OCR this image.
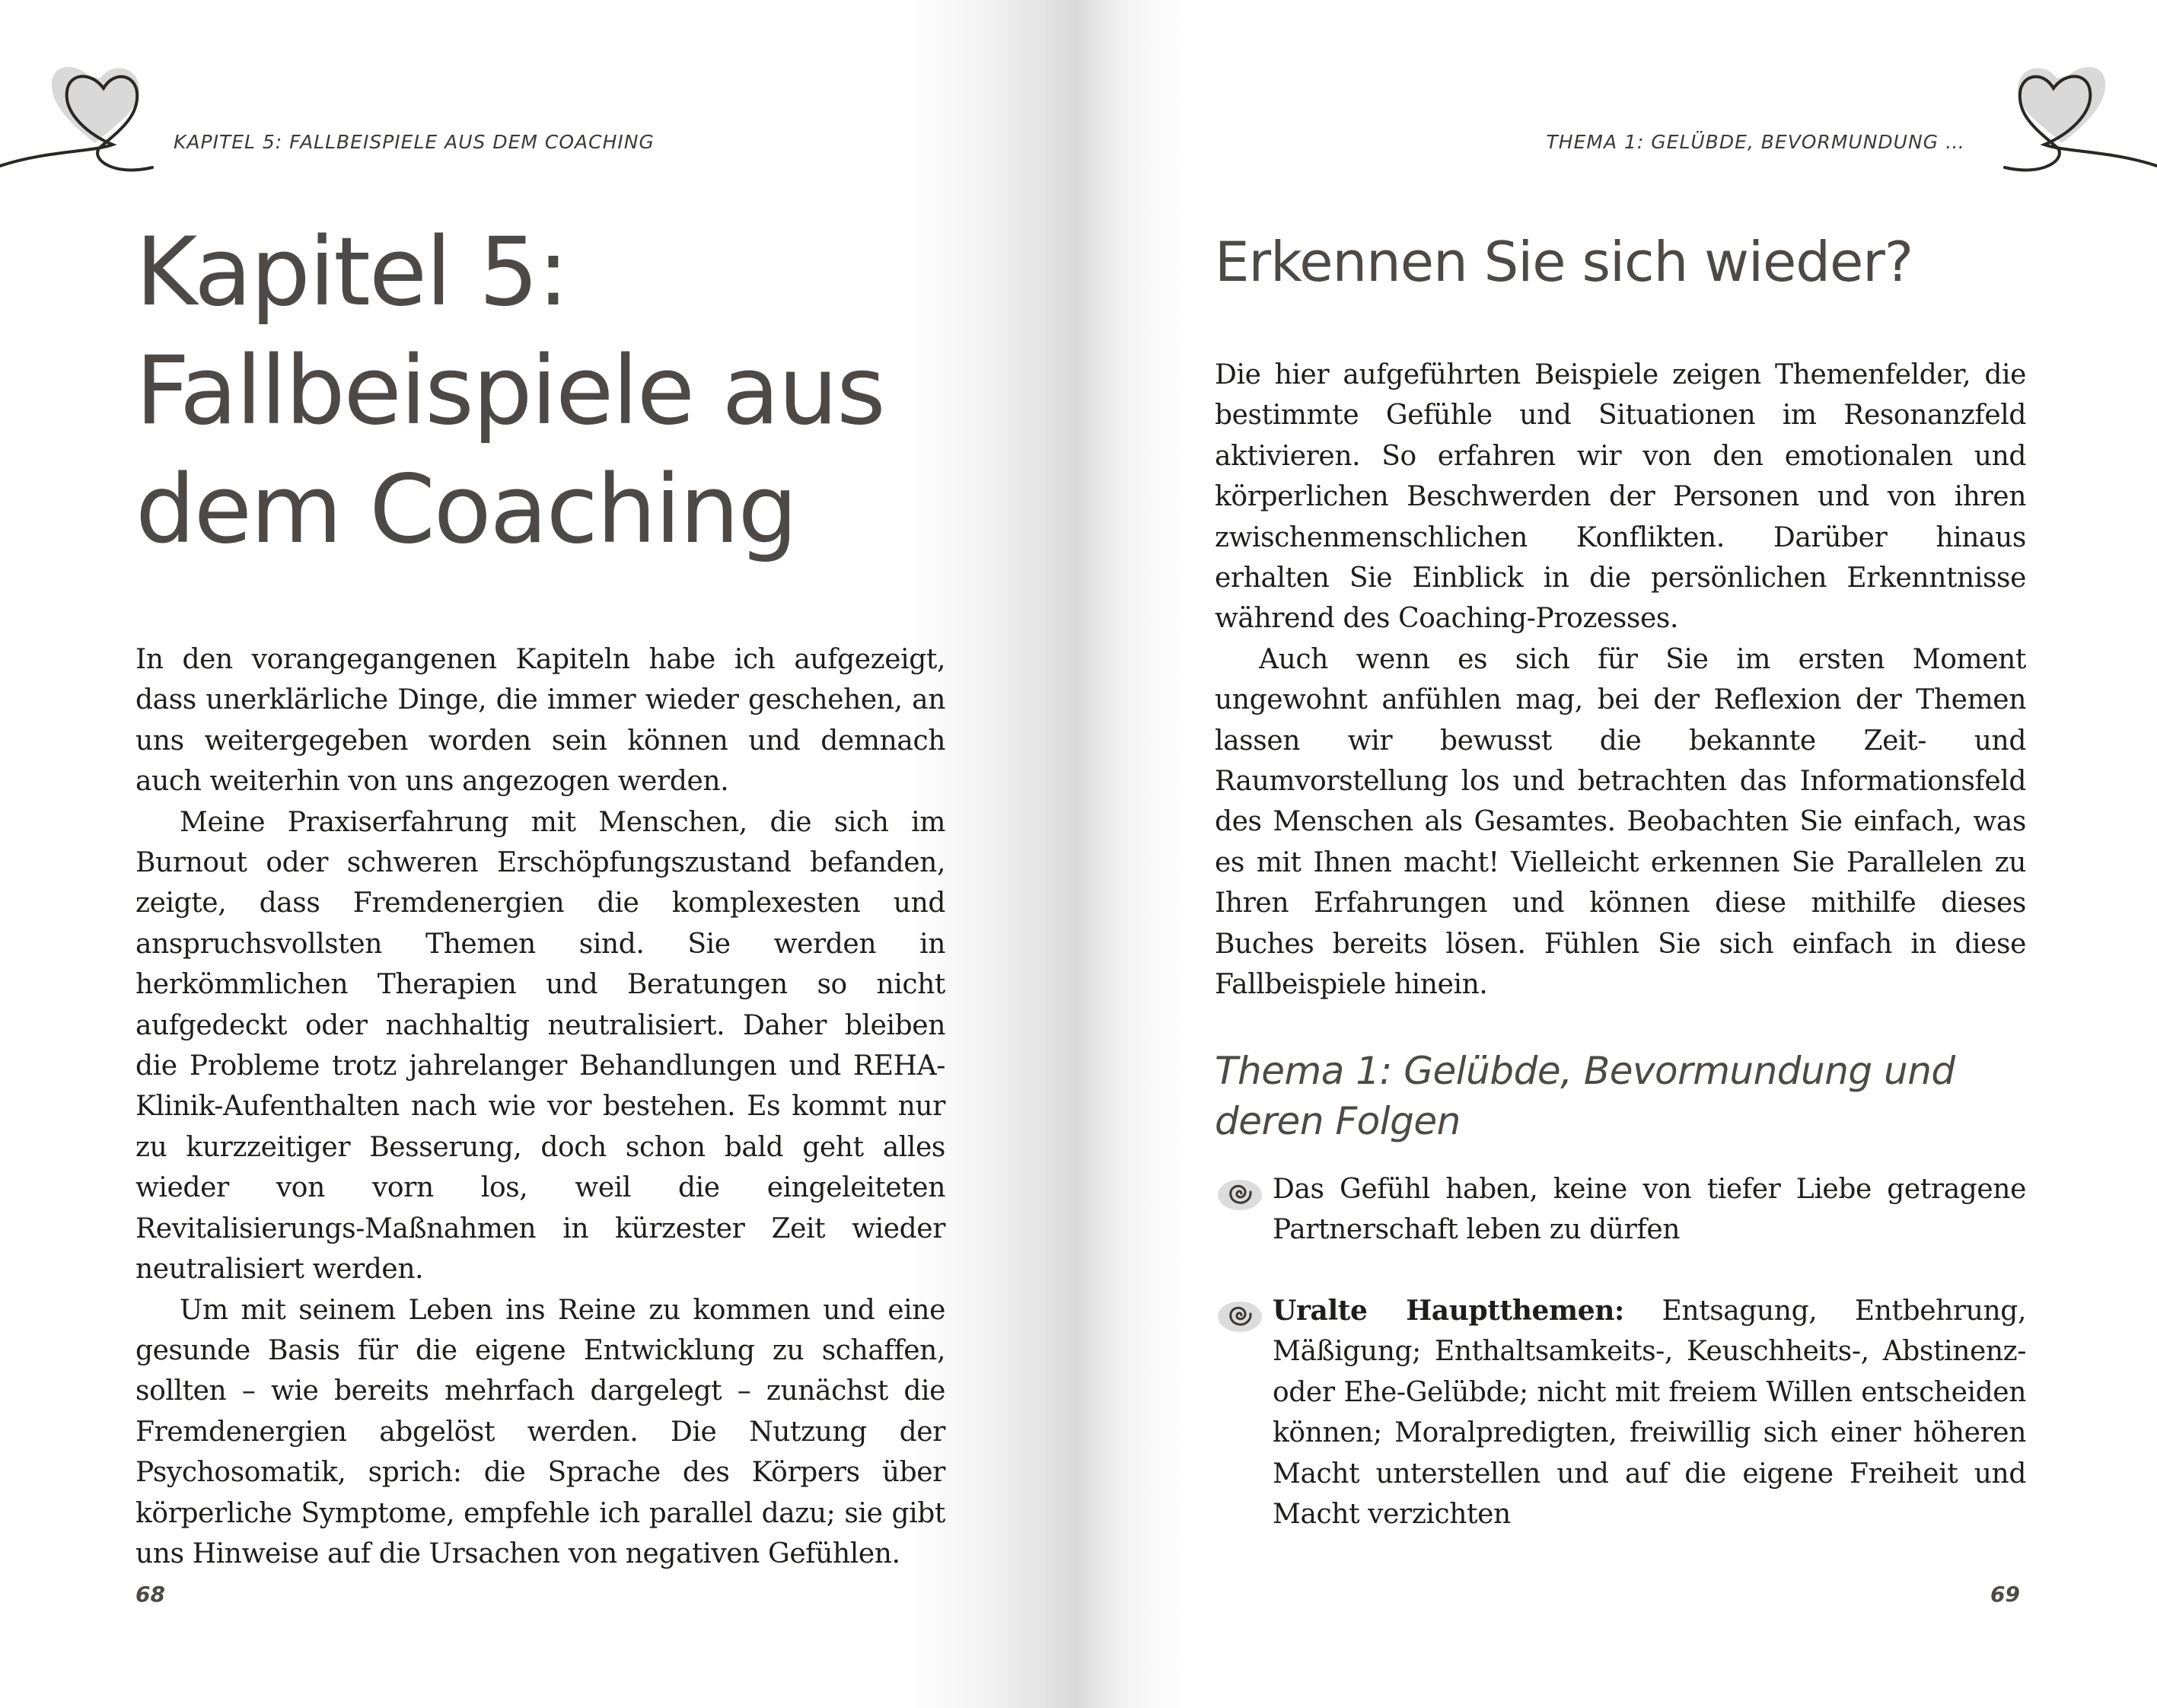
KAPITEL 5: FALLBEISPIELE AUS DEM COACHING
Kapitel 5:
Fallbeispiele aus
dem Coaching

In den vorangegangenen Kapiteln habe ich aufgezeigt, dass unerklärliche Dinge, die immer wieder geschehen, an uns weitergegeben worden sein können und demnach auch weiterhin von uns angezogen werden.

Meine Praxiserfahrung mit Menschen, die sich im Burnout oder schweren Erschöpfungszustand befanden, zeigte, dass Fremdenergien die komplexesten und anspruchsvollsten Themen sind. Sie werden in herkömmlichen Therapien und Beratungen so nicht aufgedeckt oder nachhaltig neutralisiert. Daher bleiben die Probleme trotz jahrelanger Behandlungen und REHA-Klinik-Aufenthalten nach wie vor bestehen. Es kommt nur zu kurzzeitiger Besserung, doch schon bald geht alles wieder von vorn los, weil die eingeleiteten Revitalisierungs-Maßnahmen in kürzester Zeit wieder neutralisiert werden.

Um mit seinem Leben ins Reine zu kommen und eine gesunde Basis für die eigene Entwicklung zu schaffen, sollten – wie bereits mehrfach dargelegt – zunächst die Fremdenergien abgelöst werden. Die Nutzung der Psychosomatik, sprich: die Sprache des Körpers über körperliche Symptome, empfehle ich parallel dazu; sie gibt uns Hinweise auf die Ursachen von negativen Gefühlen.

68
THEMA 1: GELÜBDE, BEVORMUNDUNG …
Erkennen Sie sich wieder?

Die hier aufgeführten Beispiele zeigen Themenfelder, die bestimmte Gefühle und Situationen im Resonanzfeld aktivieren. So erfahren wir von den emotionalen und körperlichen Beschwerden der Personen und von ihren zwischenmenschlichen Konflikten. Darüber hinaus erhalten Sie Einblick in die persönlichen Erkenntnisse während des Coaching-Prozesses.

Auch wenn es sich für Sie im ersten Moment ungewohnt anfühlen mag, bei der Reflexion der Themen lassen wir bewusst die bekannte Zeit- und Raumvorstellung los und betrachten das Informationsfeld des Menschen als Gesamtes. Beobachten Sie einfach, was es mit Ihnen macht! Vielleicht erkennen Sie Parallelen zu Ihren Erfahrungen und können diese mithilfe dieses Buches bereits lösen. Fühlen Sie sich einfach in diese Fallbeispiele hinein.

Thema 1: Gelübde, Bevormundung und
deren Folgen
Das Gefühl haben, keine von tiefer Liebe getragene Partnerschaft leben zu dürfen
Uralte Hauptthemen: Entsagung, Entbehrung, Mäßigung; Enthaltsamkeits-, Keuschheits-, Abstinenz- oder Ehe-Gelübde; nicht mit freiem Willen entscheiden können; Moralpredigten, freiwillig sich einer höheren Macht unterstellen und auf die eigene Freiheit und Macht verzichten
69
